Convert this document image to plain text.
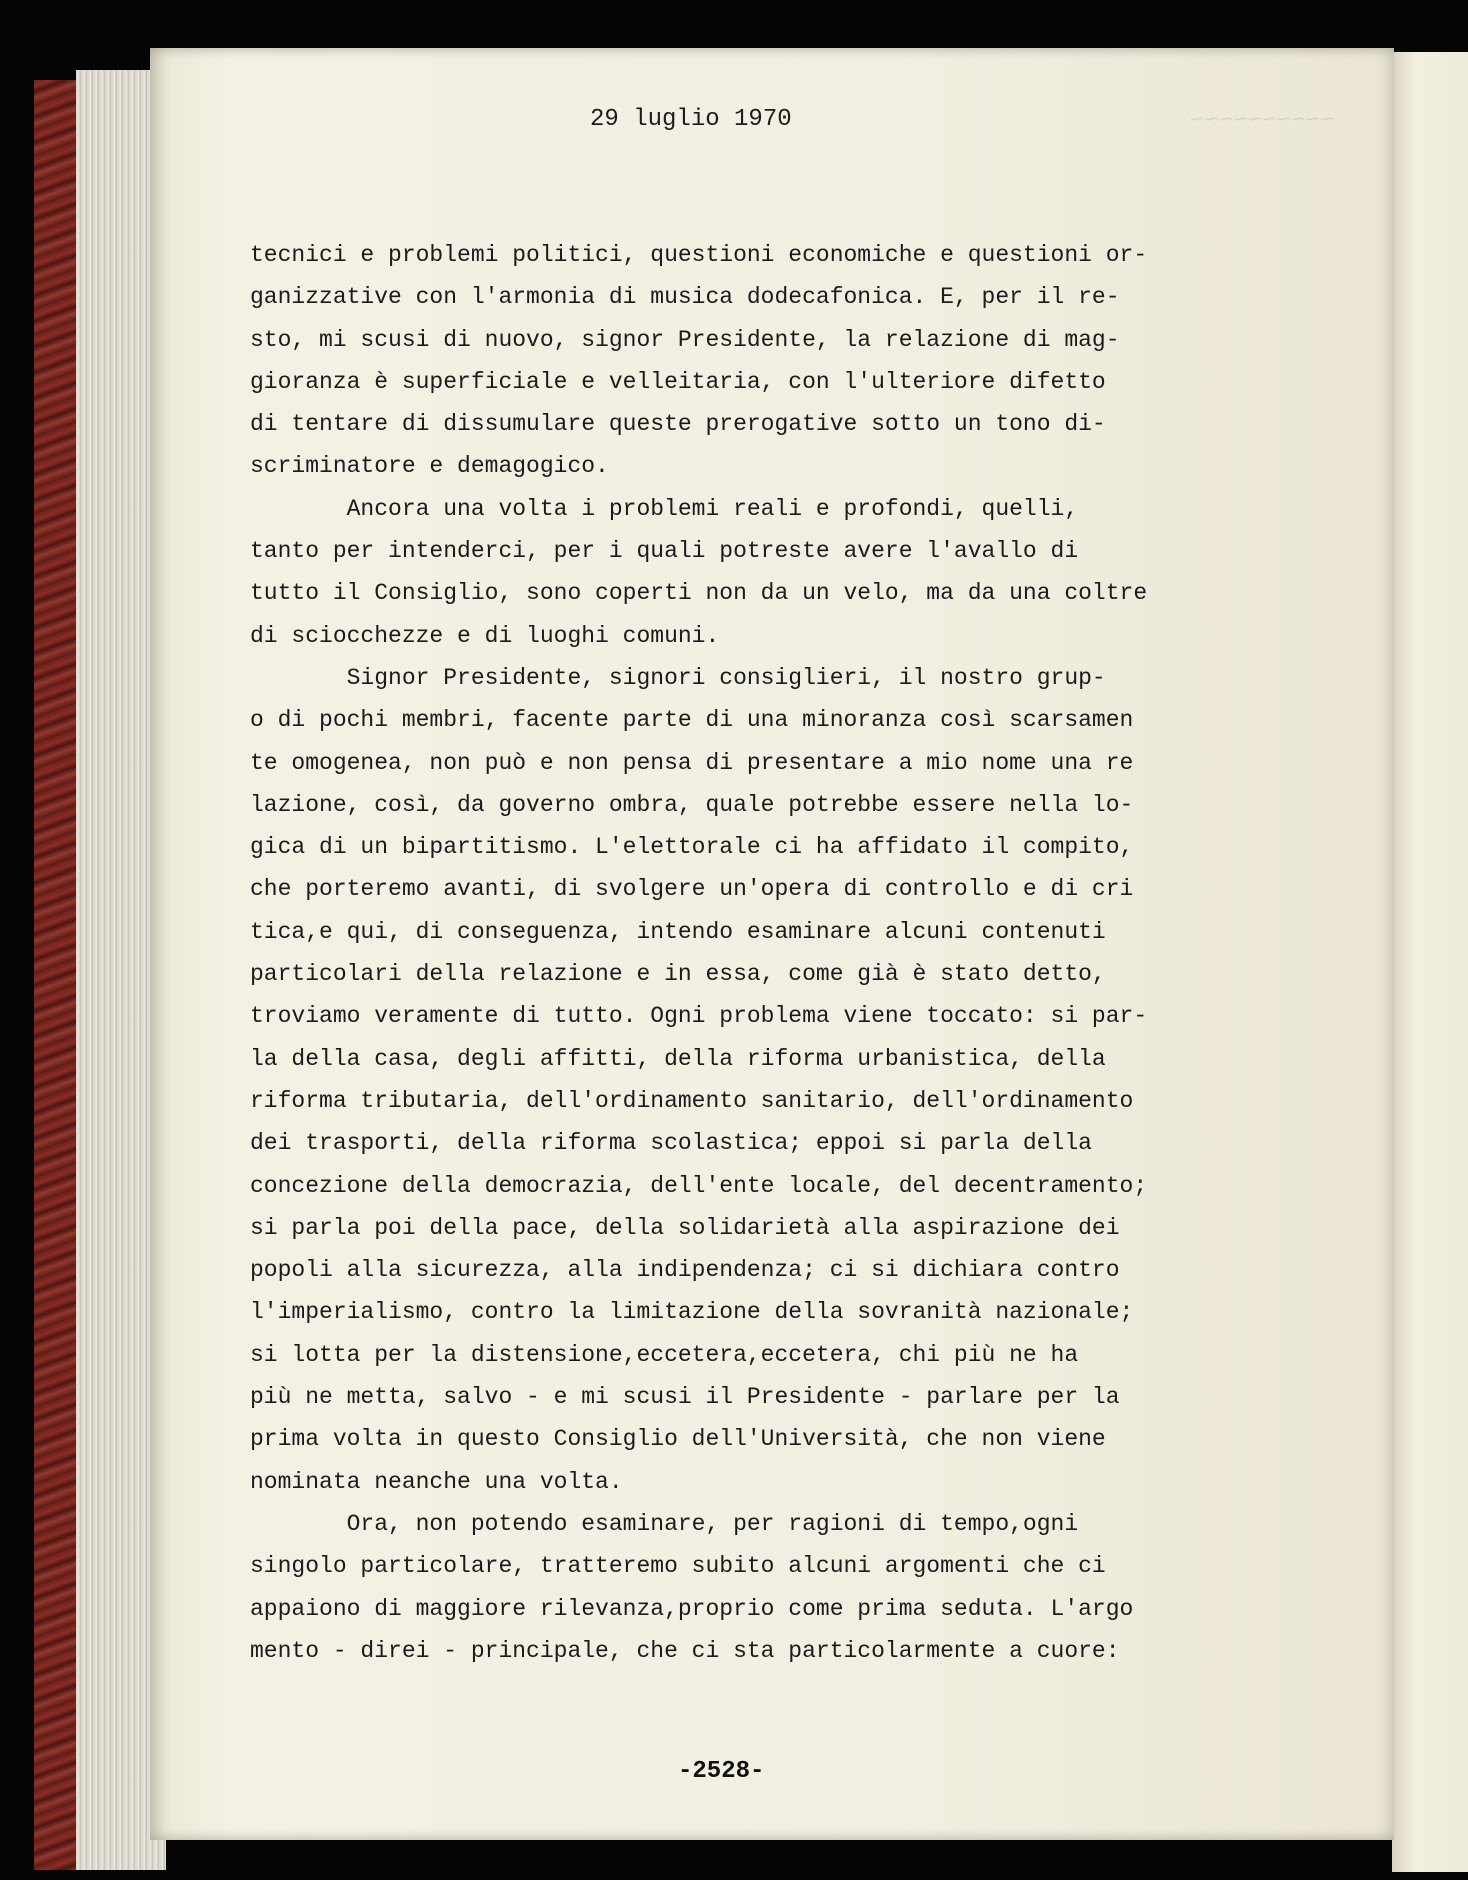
~~~~~~~~~~
29 luglio 1970
tecnici e problemi politici, questioni economiche e questioni or-
ganizzative con l'armonia di musica dodecafonica. E, per il re-
sto, mi scusi di nuovo, signor Presidente, la relazione di mag-
gioranza è superficiale e velleitaria, con l'ulteriore difetto
di tentare di dissumulare queste prerogative sotto un tono di-
scriminatore e demagogico.
Ancora una volta i problemi reali e profondi, quelli,
tanto per intenderci, per i quali potreste avere l'avallo di
tutto il Consiglio, sono coperti non da un velo, ma da una coltre
di sciocchezze e di luoghi comuni.
Signor Presidente, signori consiglieri, il nostro grup-
o di pochi membri, facente parte di una minoranza così scarsamen
te omogenea, non può e non pensa di presentare a mio nome una re
lazione, così, da governo ombra, quale potrebbe essere nella lo-
gica di un bipartitismo. L'elettorale ci ha affidato il compito,
che porteremo avanti, di svolgere un'opera di controllo e di cri
tica,e qui, di conseguenza, intendo esaminare alcuni contenuti
particolari della relazione e in essa, come già è stato detto,
troviamo veramente di tutto. Ogni problema viene toccato: si par-
la della casa, degli affitti, della riforma urbanistica, della
riforma tributaria, dell'ordinamento sanitario, dell'ordinamento
dei trasporti, della riforma scolastica; eppoi si parla della
concezione della democrazia, dell'ente locale, del decentramento;
si parla poi della pace, della solidarietà alla aspirazione dei
popoli alla sicurezza, alla indipendenza; ci si dichiara contro
l'imperialismo, contro la limitazione della sovranità nazionale;
si lotta per la distensione,eccetera,eccetera, chi più ne ha
più ne metta, salvo - e mi scusi il Presidente - parlare per la
prima volta in questo Consiglio dell'Università, che non viene
nominata neanche una volta.
Ora, non potendo esaminare, per ragioni di tempo,ogni
singolo particolare, tratteremo subito alcuni argomenti che ci
appaiono di maggiore rilevanza,proprio come prima seduta. L'argo
mento - direi - principale, che ci sta particolarmente a cuore:
-2528-
